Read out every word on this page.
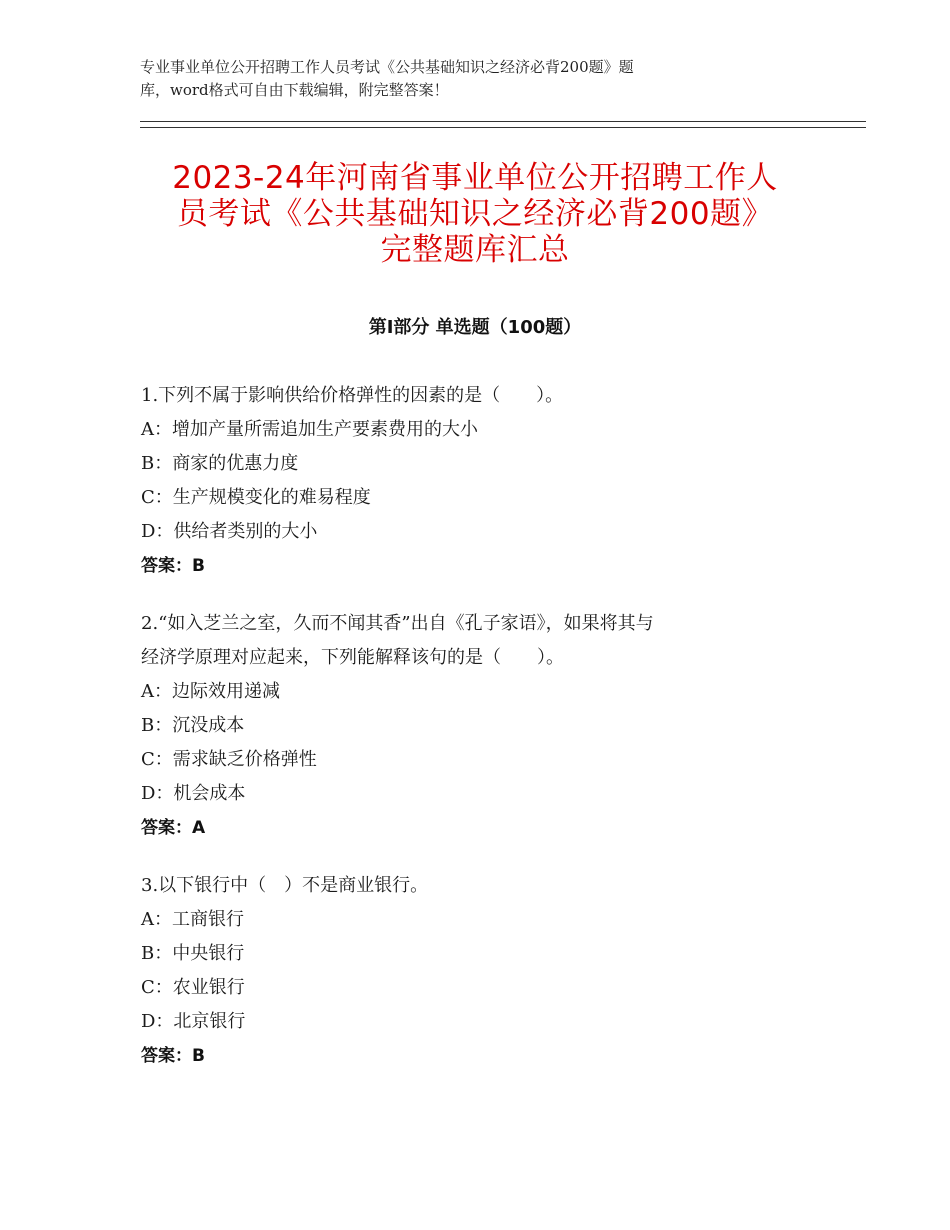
专业事业单位公开招聘工作人员考试《公共基础知识之经济必背200题》题
库，word格式可自由下载编辑，附完整答案！
2023-24年河南省事业单位公开招聘工作人
员考试《公共基础知识之经济必背200题》
完整题库汇总
第Ⅰ部分 单选题（100题）
1.下列不属于影响供给价格弹性的因素的是（　　）。
A：增加产量所需追加生产要素费用的大小
B：商家的优惠力度
C：生产规模变化的难易程度
D：供给者类别的大小
答案：B
2.“如入芝兰之室，久而不闻其香”出自《孔子家语》，如果将其与
经济学原理对应起来，下列能解释该句的是（　　）。
A：边际效用递减
B：沉没成本
C：需求缺乏价格弹性
D：机会成本
答案：A
3.以下银行中（　）不是商业银行。
A：工商银行
B：中央银行
C：农业银行
D：北京银行
答案：B
